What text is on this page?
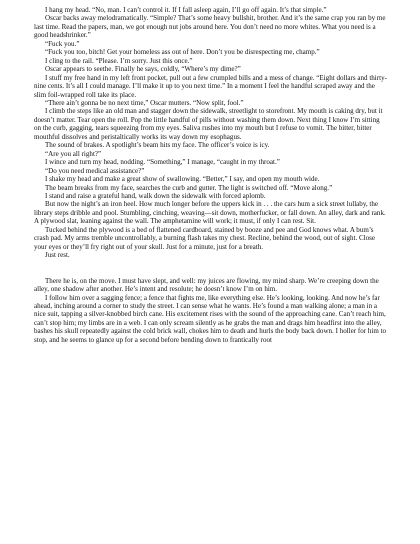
I hang my head. “No, man. I can’t control it. If I fall asleep again, I’ll go off again. It’s that simple.”

Oscar backs away melodramatically. “Simple? That’s some heavy bullshit, brother. And it’s the same crap you ran by me last time. Read the papers, man, we got enough nut jobs around here. You don’t need no more whites. What you need is a good headshrinker.”

“Fuck you.”

“Fuck you too, bitch! Get your homeless ass out of here. Don’t you be disrespecting me, champ.”

I cling to the rail. “Please. I’m sorry. Just this once.”

Oscar appears to seethe. Finally he says, coldly, “Where’s my dime?”

I stuff my free hand in my left front pocket, pull out a few crumpled bills and a mess of change. “Eight dollars and thirty-nine cents. It’s all I could manage. I’ll make it up to you next time.” In a moment I feel the handful scraped away and the slim foil-wrapped roll take its place.

“There ain’t gonna be no next time,” Oscar mutters. “Now split, fool.”

I climb the steps like an old man and stagger down the sidewalk, streetlight to storefront. My mouth is caking dry, but it doesn’t matter. Tear open the roll. Pop the little handful of pills without washing them down. Next thing I know I’m sitting on the curb, gagging, tears squeezing from my eyes. Saliva rushes into my mouth but I refuse to vomit. The bitter, bitter mouthful dissolves and peristaltically works its way down my esophagus.

The sound of brakes. A spotlight’s beam hits my face. The officer’s voice is icy.

“Are you all right?”

I wince and turn my head, nodding. “Something,” I manage, “caught in my throat.”

“Do you need medical assistance?”

I shake my head and make a great show of swallowing. “Better,” I say, and open my mouth wide.

The beam breaks from my face, searches the curb and gutter. The light is switched off. “Move along.”

I stand and raise a grateful hand, walk down the sidewalk with forced aplomb.

But now the night’s an iron heel. How much longer before the uppers kick in . . . the cars hum a sick street lullaby, the library steps dribble and pool. Stumbling, cinching, weaving—sit down, motherfucker, or fall down. An alley, dark and rank. A plywood slat, leaning against the wall. The amphetamine will work; it must, if only I can rest. Sit.

Tucked behind the plywood is a bed of flattened cardboard, stained by booze and pee and God knows what. A bum’s crash pad. My arms tremble uncontrollably, a burning flash takes my chest. Recline, behind the wood, out of sight. Close your eyes or they’ll fry right out of your skull. Just for a minute, just for a breath.

Just rest.

There he is, on the move. I must have slept, and well: my juices are flowing, my mind sharp. We’re creeping down the alley, one shadow after another. He’s intent and resolute; he doesn’t know I’m on him.

I follow him over a sagging fence; a fence that fights me, like everything else. He’s looking, looking. And now he’s far ahead, inching around a corner to study the street. I can sense what he wants. He’s found a man walking alone; a man in a nice suit, tapping a silver-knobbed birch cane. His excitement rises with the sound of the approaching cane. Can’t reach him, can’t stop him; my limbs are in a web. I can only scream silently as he grabs the man and drags him headfirst into the alley, bashes his skull repeatedly against the cold brick wall, chokes him to death and hurls the body back down. I holler for him to stop, and he seems to glance up for a second before bending down to frantically root
